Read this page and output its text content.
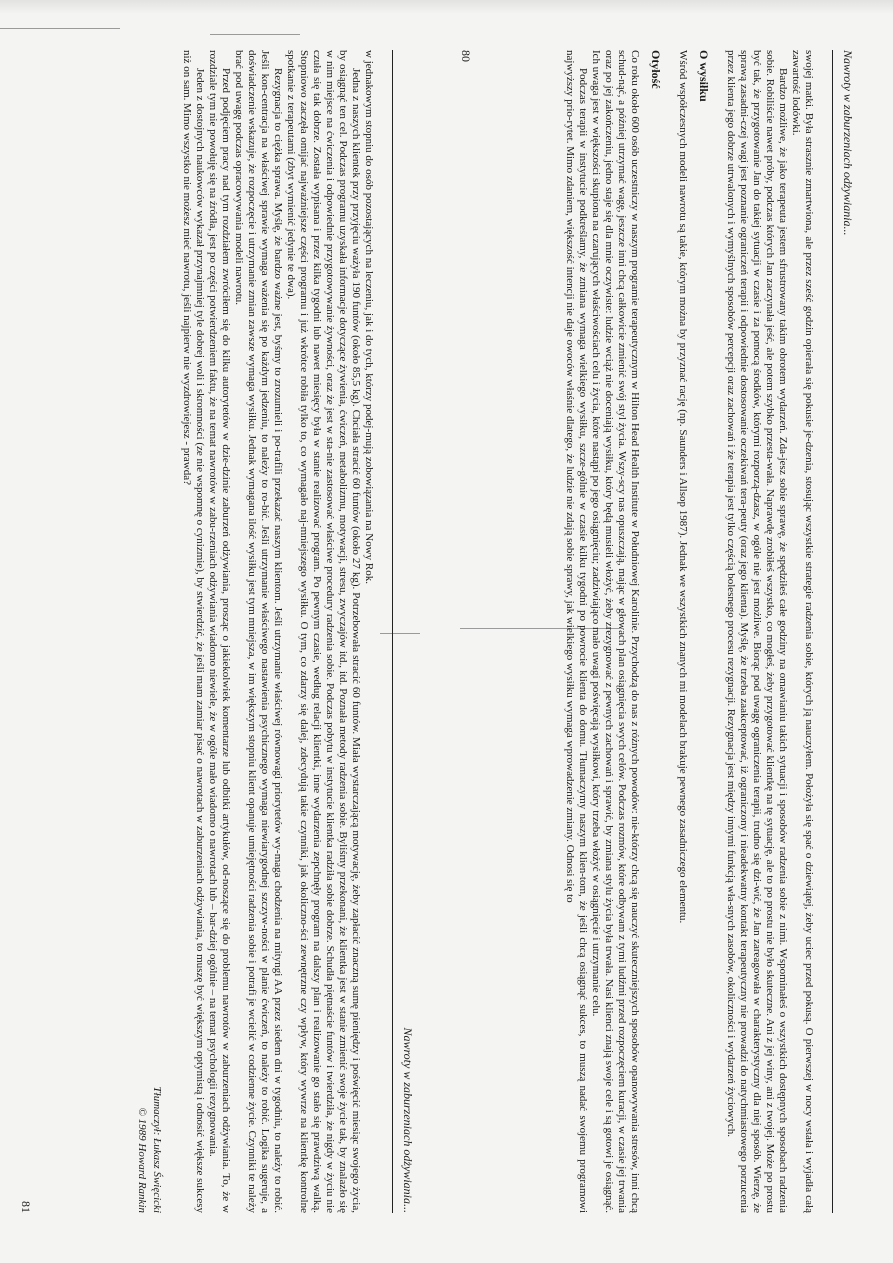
Nawroty w zaburzeniach odżywiania...

swojej matki. Była strasznie zmartwiona, ale przez sześć godzin opierała się pokusie je-dzenia, stosując wszystkie strategie radzenia sobie, których ją nauczyłem. Położyła się spać o dziewiątej, żeby uciec przed pokusą. O pierwszej w nocy wstała i wyjadła całą zawartość lodówki.

Bardzo możliwe, że jako terapeuta jestem sfrustrowany takim obrotem wydarzeń. Zda-jesz sobie sprawę, że spędziłeś całe godziny na omawianiu takich sytuacji i sposobów radzenia sobie z nimi. Wspominałeś o wszystkich dostępnych sposobach radzenia sobie. Robiliście nawet próby, podczas których Jan zaczynała jeść, ale potem szybko przesta-wała. Naprawdę zrobiłeś wszystko, co mogłeś, żeby przygotować klientkę na tę sytuację, ale to po prostu nie było skuteczne. Ani z jej winy, ani z twojej. Może po prostu być tak, że przygotowanie Jan do takiej sytuacji w czasie i za pomocą środków, którymi rozporzą-dzasz, w ogóle nie jest możliwe. Biorąc pod uwagę ograniczenia terapii, trudno się dzi-wić, że Jan zareagowała w charakterystyczny dla niej sposób. Wierzę, że sprawą zasadni-czej wagi jest poznanie ograniczeń terapii i odpowiednie dostosowanie oczekiwań tera-peuty (oraz jego klienta). Myślę, że trzeba zaakceptować, iż ograniczony i nieadekwatny kontakt terapeutyczny nie prowadzi do natychmiastowego porzucenia przez klienta jego dobrze utrwalonych i wymyślnych sposobów percepcji oraz zachowań i że terapia jest tylko częścią bolesnego procesu rezygnacji. Rezygnacja jest między innymi funkcją wła-snych zasobów, okoliczności i wydarzeń życiowych.

O wysiłku

Wśród współczesnych modeli nawrotu są takie, którym można by przyznać rację (np. Saunders i Allsop 1987). Jednak we wszystkich znanych mi modelach brakuje pewnego zasadniczego elementu.

Otyłość

Co roku około 600 osób uczestniczy w naszym programie terapeutycznym w Hilton Head Health Institute w Południowej Karolinie. Przychodzą do nas z różnych powodów: nie-którzy chcą się nauczyć skuteczniejszych sposobów opanowywania stresów, inni chcą schud-nąć, a później utrzymać wagę, jeszcze inni chcą całkowicie zmienić swój styl życia. Wszy-scy nas opuszczają, mając w głowach plan osiągnięcia swych celów. Podczas rozmów, które odbywam z tymi ludźmi przed rozpoczęciem kuracji, w czasie jej trwania oraz po jej zakończeniu, jedno staje się dla mnie oczywiste: ludzie wciąż nie doceniają wysiłku, który będą musieli włożyć, żeby zrezygnować z pewnych zachowań i sprawić, by zmiana stylu życia była trwała. Nasi klienci znają swoje cele i są gotowi je osiągnąć. Ich uwaga jest w większości skupiona na czarujących właściwościach celu i życia, które nastąpi po jego osiągnięciu; zadziwiająco mało uwagi poświęcają wysiłkowi, który trzeba włożyć w osiągnięcie i utrzymanie celu.

Podczas terapii w instytucie podkreślamy, że zmiana wymaga wielkiego wysiłku, szcze-gólnie w czasie kilku tygodni po powrocie klienta do domu. Tłumaczymy naszym klien-tom, że jeśli chcą osiągnąć sukces, to muszą nadać swojemu programowi najwyższy prio-rytet. Mimo zdaniem, większość intencji nie daje owoców właśnie dlatego, że ludzie nie zdają sobie sprawy, jak wielkiego wysiłku wymaga wprowadzenie zmiany. Odnosi się to

80
Nawroty w zaburzeniach odżywiania...

w jednakowym stopniu do osób pozostających na leczeniu, jak i do tych, którzy podej-mują zobowiązania na Nowy Rok.

Jedna z naszych klientek przy przyjęciu ważyła 190 funtów (około 85,5 kg). Chciała stracić 60 funtów (około 27 kg). Potrzebowała stracić 60 funtów. Miała wystarczającą motywację, żeby zapłacić znaczną sumę pieniędzy i poświęcić miesiąc swojego życia, by osiągnąć ten cel. Podczas programu uzyskała informacje dotyczące żywienia, ćwiczeń, metabolizmu, motywacji, stresu, zwyczajów itd., itd. Poznała metody radzenia sobie. Byliśmy przekonani, że klientka jest w stanie zmienić swoje życie tak, by znalazło się w nim miejsce na ćwiczenia i odpowiednie przygotowywanie żywności, oraz że jest w sta-nie zastosować właściwe procedury radzenia sobie. Podczas pobytu w instytucie klientka radziła sobie dobrze. Schudła piętnaście funtów i twierdziła, że nigdy w życiu nie czuła się tak dobrze. Została wypisana i przez kilka tygodni lub nawet miesięcy była w stanie realizować program. Po pewnym czasie, według relacji klientki, inne wydarzenia zepchnęły program na dalszy plan i realizowanie go stało się prawdziwą walką. Stopniowo zaczęła omijać najważniejsze części programu i już wkrótce robiła tylko to, co wymagało naj-mniejszego wysiłku. O tym, co zdarzy się dalej, zdecydują takie czynniki, jak okoliczno-ści zewnętrzne czy wpływ, który wywrze na klientkę kontrolne spotkanie z terapeutami (zbyt wymienić jedynie te dwa).

Rezygnacja to ciężka sprawa. Myślę, że bardzo ważne jest, byśmy to zrozumieli i po-trafili przekazać naszym klientom. Jeśli utrzymanie właściwej równowagi priorytetów wy-maga chodzenia na mityngi AA przez siedem dni w tygodniu, to należy to robić. Jeśli kon-centracja na właściwej sprawie wymaga ważenia się po każdym jedzeniu, to należy to ro-bić. Jeśli utrzymanie właściwego nastawienia psychicznego wymaga niewiarygodnej szczyw-ności w planie ćwiczeń, to należy to robić. Logika sugeruje, a doświadczenie wskazuje, że rozpoczęcie i utrzymanie zmian zawsze wymaga wysiłku. Jednak wymagana ilość wysiłku jest tym mniejsza, w im większym stopniu klient opanuje umiejętności radzenia sobie i potrafi je wcielić w codzienne życie. Czynniki te należy brać pod uwagę podczas opracowywania modeli nawrotu.

Przed podjęciem pracy nad tym rozdziałem zwróciłem się do kilku autorytetów w dzie-dzinie zaburzeń odżywiania, prosząc o jakiekolwiek komentarze lub odbitki artykułów, od-noszące się do problemu nawrotów w zaburzeniach odżywiania. To, że w rozdziale tym nie powołuję się na źródła, jest po części potwierdzeniem faktu, że na temat nawrotów w zabu-rzeniach odżywiania wiadomo niewiele, że w ogóle mało wiadomo o nawrotach lub – bar-dziej ogólnie – na temat psychologii rezygnowania.

Jeden z dostojnych naukowców wykazał przynajmniej tyle dobrej woli i skromności (ze nie wspomnę o cynizmie), by stwierdzić, że jeśli mam zamiar pisać o nawrotach w zaburzeniach odżywiania, to muszę być większym optymistą i odnosić większe sukcesy niż on sam. Mimo wszystko nie możesz mieć nawrotu, jeśli najpierw nie wyzdrowiejesz - prawda?

Tłumaczył: Łukasz Święcicki
© 1989 Howard Rankin
81
